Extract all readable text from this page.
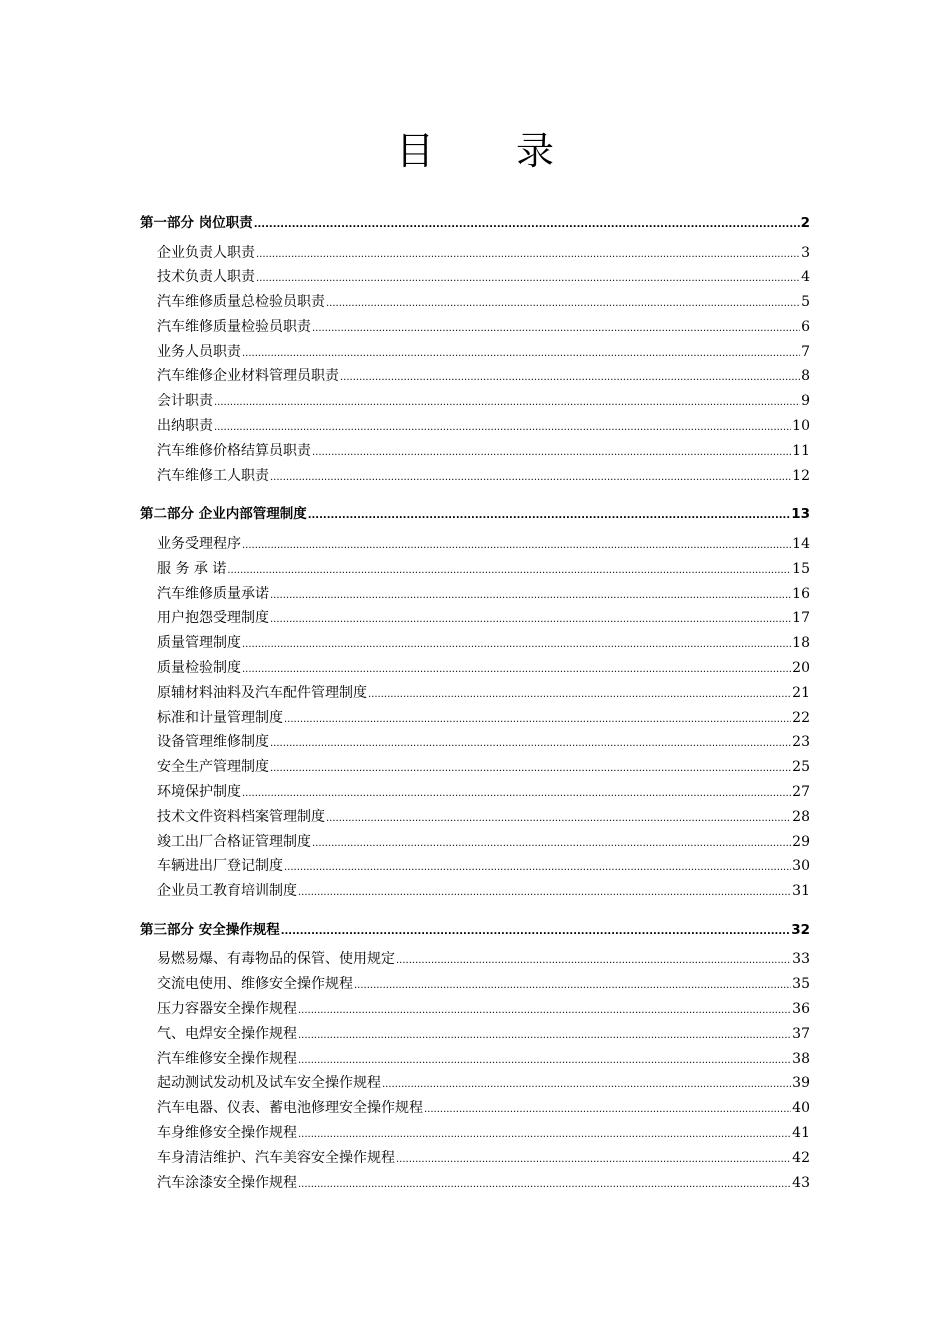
目 录
第一部分 岗位职责 .....	2
企业负责人职责 .....	3
技术负责人职责 .....	4
汽车维修质量总检验员职责 .....	5
汽车维修质量检验员职责 .....	6
业务人员职责 .....	7
汽车维修企业材料管理员职责 .....	8
会计职责 .....	9
出纳职责 .....	10
汽车维修价格结算员职责 .....	11
汽车维修工人职责 .....	12
第二部分 企业内部管理制度 .....	13
业务受理程序 .....	14
服 务 承 诺 .....	15
汽车维修质量承诺 .....	16
用户抱怨受理制度 .....	17
质量管理制度 .....	18
质量检验制度 .....	20
原辅材料油料及汽车配件管理制度 .....	21
标准和计量管理制度 .....	22
设备管理维修制度 .....	23
安全生产管理制度 .....	25
环境保护制度 .....	27
技术文件资料档案管理制度 .....	28
竣工出厂合格证管理制度 .....	29
车辆进出厂登记制度 .....	30
企业员工教育培训制度 .....	31
第三部分 安全操作规程 .....	32
易燃易爆、有毒物品的保管、使用规定 .....	33
交流电使用、维修安全操作规程 .....	35
压力容器安全操作规程 .....	36
气、电焊安全操作规程 .....	37
汽车维修安全操作规程 .....	38
起动测试发动机及试车安全操作规程 .....	39
汽车电器、仪表、蓄电池修理安全操作规程 .....	40
车身维修安全操作规程 .....	41
车身清洁维护、汽车美容安全操作规程 .....	42
汽车涂漆安全操作规程 .....	43
